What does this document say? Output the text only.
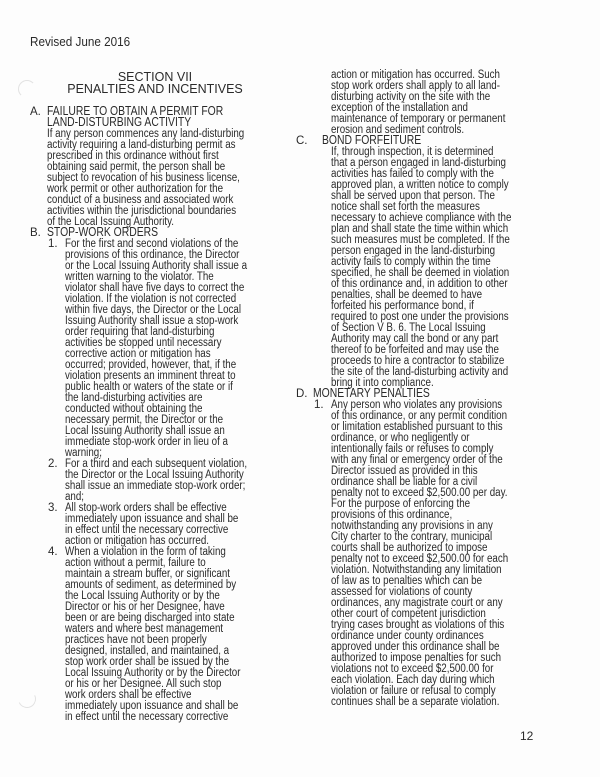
Revised June 2016
SECTION VII
PENALTIES AND INCENTIVES
A. FAILURE TO OBTAIN A PERMIT FOR
LAND-DISTURBING ACTIVITY
If any person commences any land-disturbing
activity requiring a land-disturbing permit as
prescribed in this ordinance without first
obtaining said permit, the person shall be
subject to revocation of his business license,
work permit or other authorization for the
conduct of a business and associated work
activities within the jurisdictional boundaries
of the Local Issuing Authority.
B. STOP-WORK ORDERS
1. For the first and second violations of the
provisions of this ordinance, the Director
or the Local Issuing Authority shall issue a
written warning to the violator. The
violator shall have five days to correct the
violation. If the violation is not corrected
within five days, the Director or the Local
Issuing Authority shall issue a stop-work
order requiring that land-disturbing
activities be stopped until necessary
corrective action or mitigation has
occurred; provided, however, that, if the
violation presents an imminent threat to
public health or waters of the state or if
the land-disturbing activities are
conducted without obtaining the
necessary permit, the Director or the
Local Issuing Authority shall issue an
immediate stop-work order in lieu of a
warning;
2. For a third and each subsequent violation,
the Director or the Local Issuing Authority
shall issue an immediate stop-work order;
and;
3. All stop-work orders shall be effective
immediately upon issuance and shall be
in effect until the necessary corrective
action or mitigation has occurred.
4. When a violation in the form of taking
action without a permit, failure to
maintain a stream buffer, or significant
amounts of sediment, as determined by
the Local Issuing Authority or by the
Director or his or her Designee, have
been or are being discharged into state
waters and where best management
practices have not been properly
designed, installed, and maintained, a
stop work order shall be issued by the
Local Issuing Authority or by the Director
or his or her Designee. All such stop
work orders shall be effective
immediately upon issuance and shall be
in effect until the necessary corrective
action or mitigation has occurred. Such
stop work orders shall apply to all land-
disturbing activity on the site with the
exception of the installation and
maintenance of temporary or permanent
erosion and sediment controls.
C. BOND FORFEITURE
If, through inspection, it is determined
that a person engaged in land-disturbing
activities has failed to comply with the
approved plan, a written notice to comply
shall be served upon that person. The
notice shall set forth the measures
necessary to achieve compliance with the
plan and shall state the time within which
such measures must be completed. If the
person engaged in the land-disturbing
activity fails to comply within the time
specified, he shall be deemed in violation
of this ordinance and, in addition to other
penalties, shall be deemed to have
forfeited his performance bond, if
required to post one under the provisions
of Section V B. 6. The Local Issuing
Authority may call the bond or any part
thereof to be forfeited and may use the
proceeds to hire a contractor to stabilize
the site of the land-disturbing activity and
bring it into compliance.
D. MONETARY PENALTIES
1. Any person who violates any provisions
of this ordinance, or any permit condition
or limitation established pursuant to this
ordinance, or who negligently or
intentionally fails or refuses to comply
with any final or emergency order of the
Director issued as provided in this
ordinance shall be liable for a civil
penalty not to exceed $2,500.00 per day.
For the purpose of enforcing the
provisions of this ordinance,
notwithstanding any provisions in any
City charter to the contrary, municipal
courts shall be authorized to impose
penalty not to exceed $2,500.00 for each
violation. Notwithstanding any limitation
of law as to penalties which can be
assessed for violations of county
ordinances, any magistrate court or any
other court of competent jurisdiction
trying cases brought as violations of this
ordinance under county ordinances
approved under this ordinance shall be
authorized to impose penalties for such
violations not to exceed $2,500.00 for
each violation. Each day during which
violation or failure or refusal to comply
continues shall be a separate violation.
12
